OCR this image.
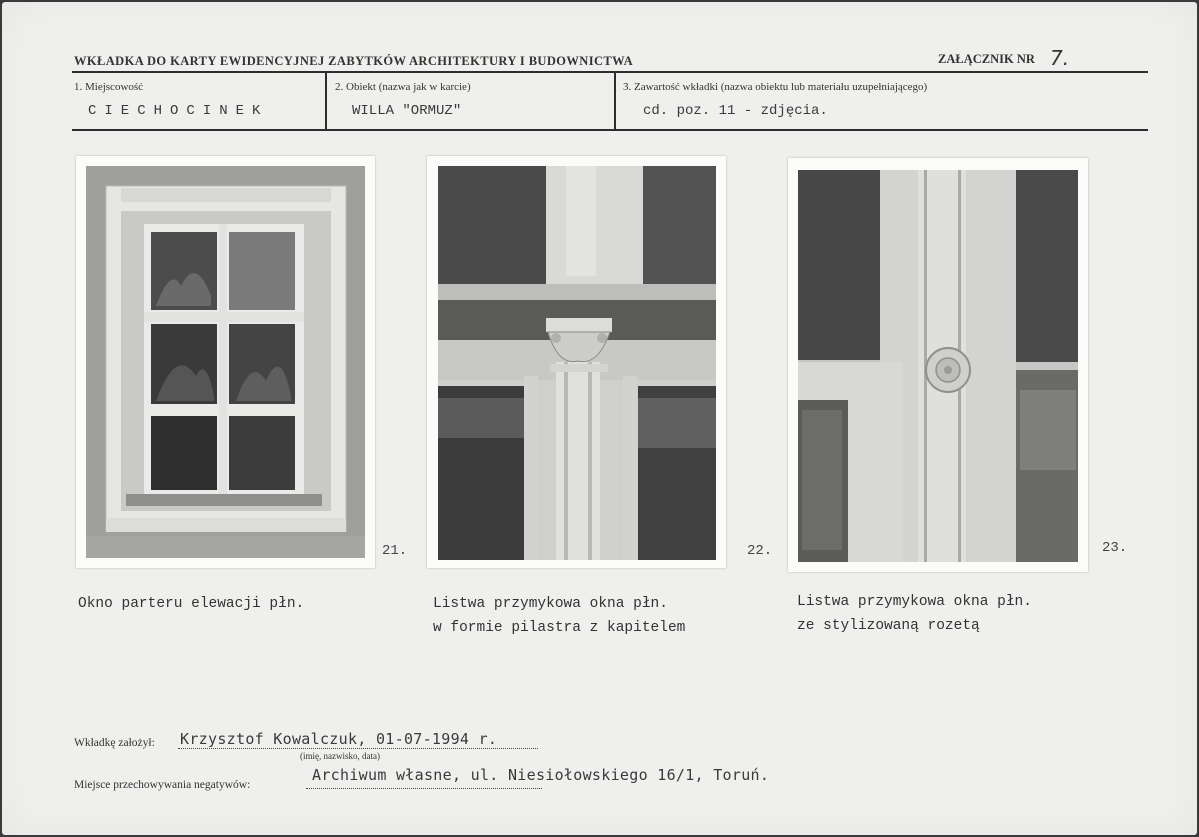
WKŁADKA DO KARTY EWIDENCYJNEJ ZABYTKÓW ARCHITEKTURY I BUDOWNICTWA	ZAŁĄCZNIK NR 7.
1. Miejscowość
CIECHOCINEK
2. Obiekt (nazwa jak w karcie)
WILLA "ORMUZ"
3. Zawartość wkładki (nazwa obiektu lub materiału uzupełniającego)
cd. poz. 11 - zdjęcia.
21.	22.	23.
Okno parteru elewacji płn.	Listwa przymykowa okna płn.
w formie pilastra z kapitelem
Listwa przymykowa okna płn.
ze stylizowaną rozetą
Wkładkę założył: Krzysztof Kowalczuk, 01-07-1994 r.
(imię, nazwisko, data)
Miejsce przechowywania negatywów:
Archiwum własne, ul. Niesiołowskiego 16/1, Toruń.
